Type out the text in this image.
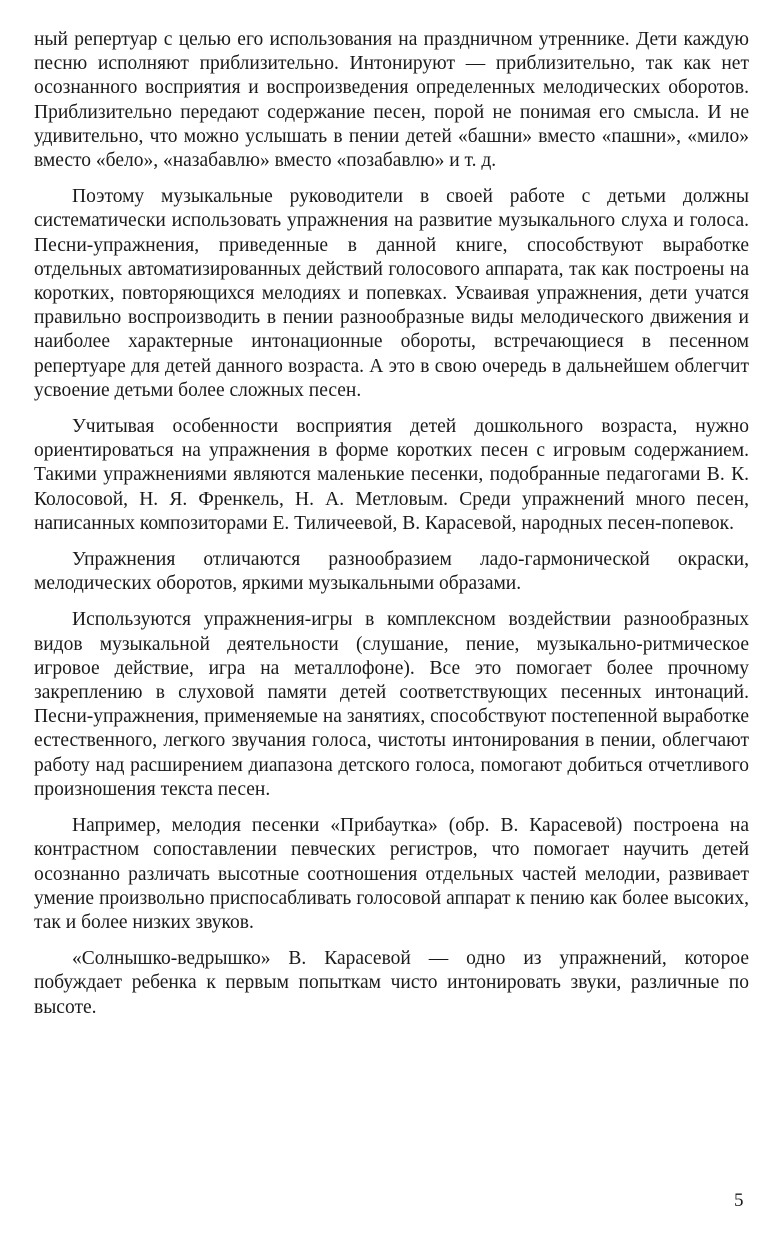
ный репертуар с целью его использования на праздничном утреннике. Дети каждую песню исполняют приблизительно. Интонируют — приблизительно, так как нет осознанного восприятия и воспроизведения определенных мелодических оборотов. Приблизительно передают содержание песен, порой не понимая его смысла. И не удивительно, что можно услышать в пении детей «башни» вместо «пашни», «мило» вместо «бело», «назабавлю» вместо «позабавлю» и т. д.

Поэтому музыкальные руководители в своей работе с детьми должны систематически использовать упражнения на развитие музыкального слуха и голоса. Песни-упражнения, приведенные в данной книге, способствуют выработке отдельных автоматизированных действий голосового аппарата, так как построены на коротких, повторяющихся мелодиях и попевках. Усваивая упражнения, дети учатся правильно воспроизводить в пении разнообразные виды мелодического движения и наиболее характерные интонационные обороты, встречающиеся в песенном репертуаре для детей данного возраста. А это в свою очередь в дальнейшем облегчит усвоение детьми более сложных песен.

Учитывая особенности восприятия детей дошкольного возраста, нужно ориентироваться на упражнения в форме коротких песен с игровым содержанием. Такими упражнениями являются маленькие песенки, подобранные педагогами В. К. Колосовой, Н. Я. Френкель, Н. А. Метловым. Среди упражнений много песен, написанных композиторами Е. Тиличеевой, В. Карасевой, народных песен-попевок.

Упражнения отличаются разнообразием ладо-гармонической окраски, мелодических оборотов, яркими музыкальными образами.

Используются упражнения-игры в комплексном воздействии разнообразных видов музыкальной деятельности (слушание, пение, музыкально-ритмическое игровое действие, игра на металлофоне). Все это помогает более прочному закреплению в слуховой памяти детей соответствующих песенных интонаций. Песни-упражнения, применяемые на занятиях, способствуют постепенной выработке естественного, легкого звучания голоса, чистоты интонирования в пении, облегчают работу над расширением диапазона детского голоса, помогают добиться отчетливого произношения текста песен.

Например, мелодия песенки «Прибаутка» (обр. В. Карасевой) построена на контрастном сопоставлении певческих регистров, что помогает научить детей осознанно различать высотные соотношения отдельных частей мелодии, развивает умение произвольно приспосабливать голосовой аппарат к пению как более высоких, так и более низких звуков.

«Солнышко-ведрышко» В. Карасевой — одно из упражнений, которое побуждает ребенка к первым попыткам чисто интонировать звуки, различные по высоте.

5
